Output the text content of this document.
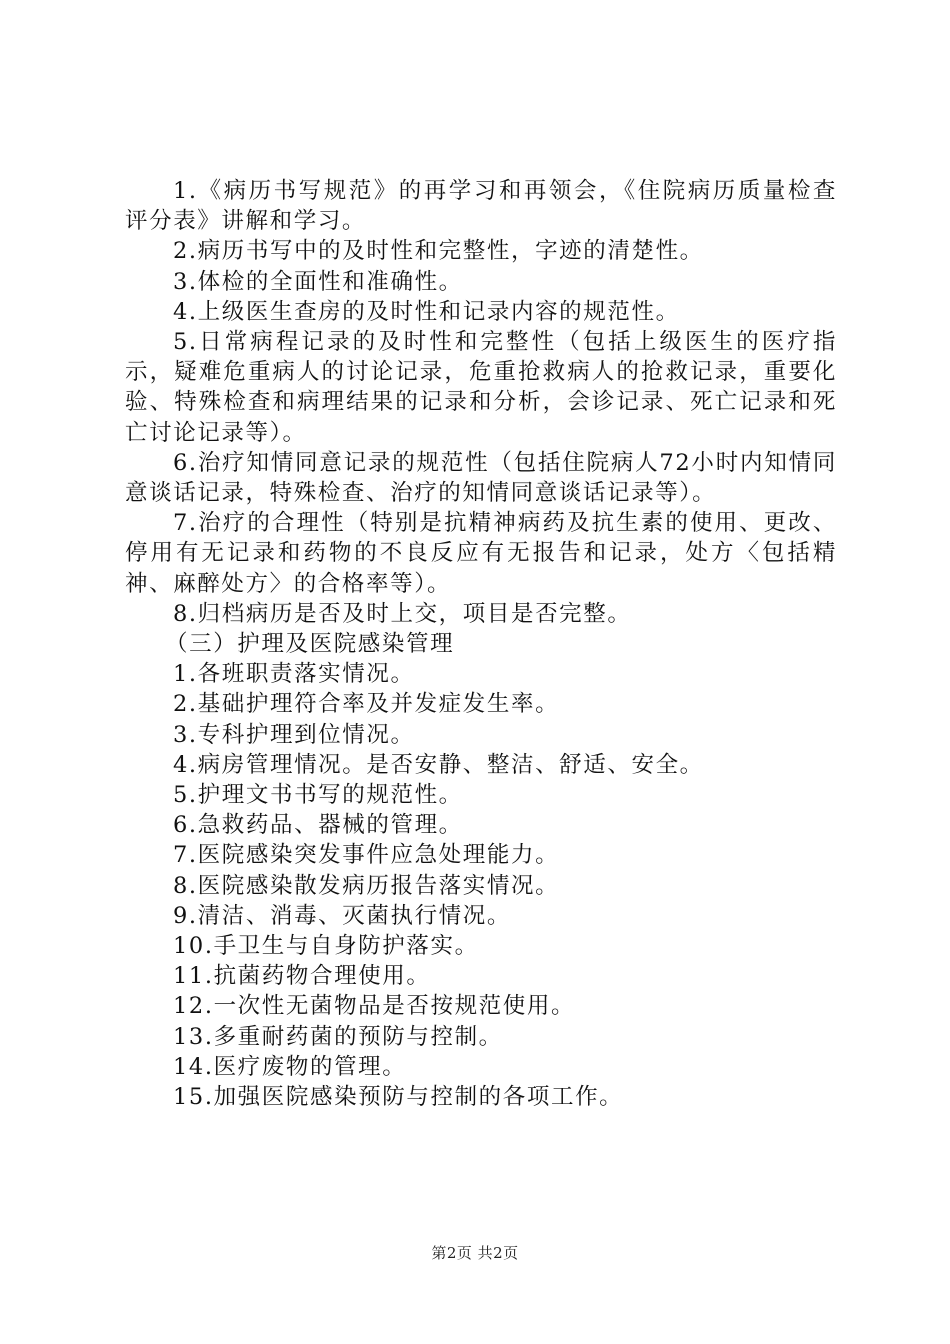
1.《病历书写规范》的再学习和再领会，《住院病历质量检查评分表》讲解和学习。

2.病历书写中的及时性和完整性，字迹的清楚性。

3.体检的全面性和准确性。

4.上级医生查房的及时性和记录内容的规范性。

5.日常病程记录的及时性和完整性（包括上级医生的医疗指示，疑难危重病人的讨论记录，危重抢救病人的抢救记录，重要化验、特殊检查和病理结果的记录和分析，会诊记录、死亡记录和死亡讨论记录等）。

6.治疗知情同意记录的规范性（包括住院病人72小时内知情同意谈话记录，特殊检查、治疗的知情同意谈话记录等）。

7.治疗的合理性（特别是抗精神病药及抗生素的使用、更改、停用有无记录和药物的不良反应有无报告和记录，处方〈包括精神、麻醉处方〉的合格率等）。

8.归档病历是否及时上交，项目是否完整。

（三）护理及医院感染管理

1.各班职责落实情况。

2.基础护理符合率及并发症发生率。

3.专科护理到位情况。

4.病房管理情况。是否安静、整洁、舒适、安全。

5.护理文书书写的规范性。

6.急救药品、器械的管理。

7.医院感染突发事件应急处理能力。

8.医院感染散发病历报告落实情况。

9.清洁、消毒、灭菌执行情况。

10.手卫生与自身防护落实。

11.抗菌药物合理使用。

12.一次性无菌物品是否按规范使用。

13.多重耐药菌的预防与控制。

14.医疗废物的管理。

15.加强医院感染预防与控制的各项工作。

第2页 共2页
